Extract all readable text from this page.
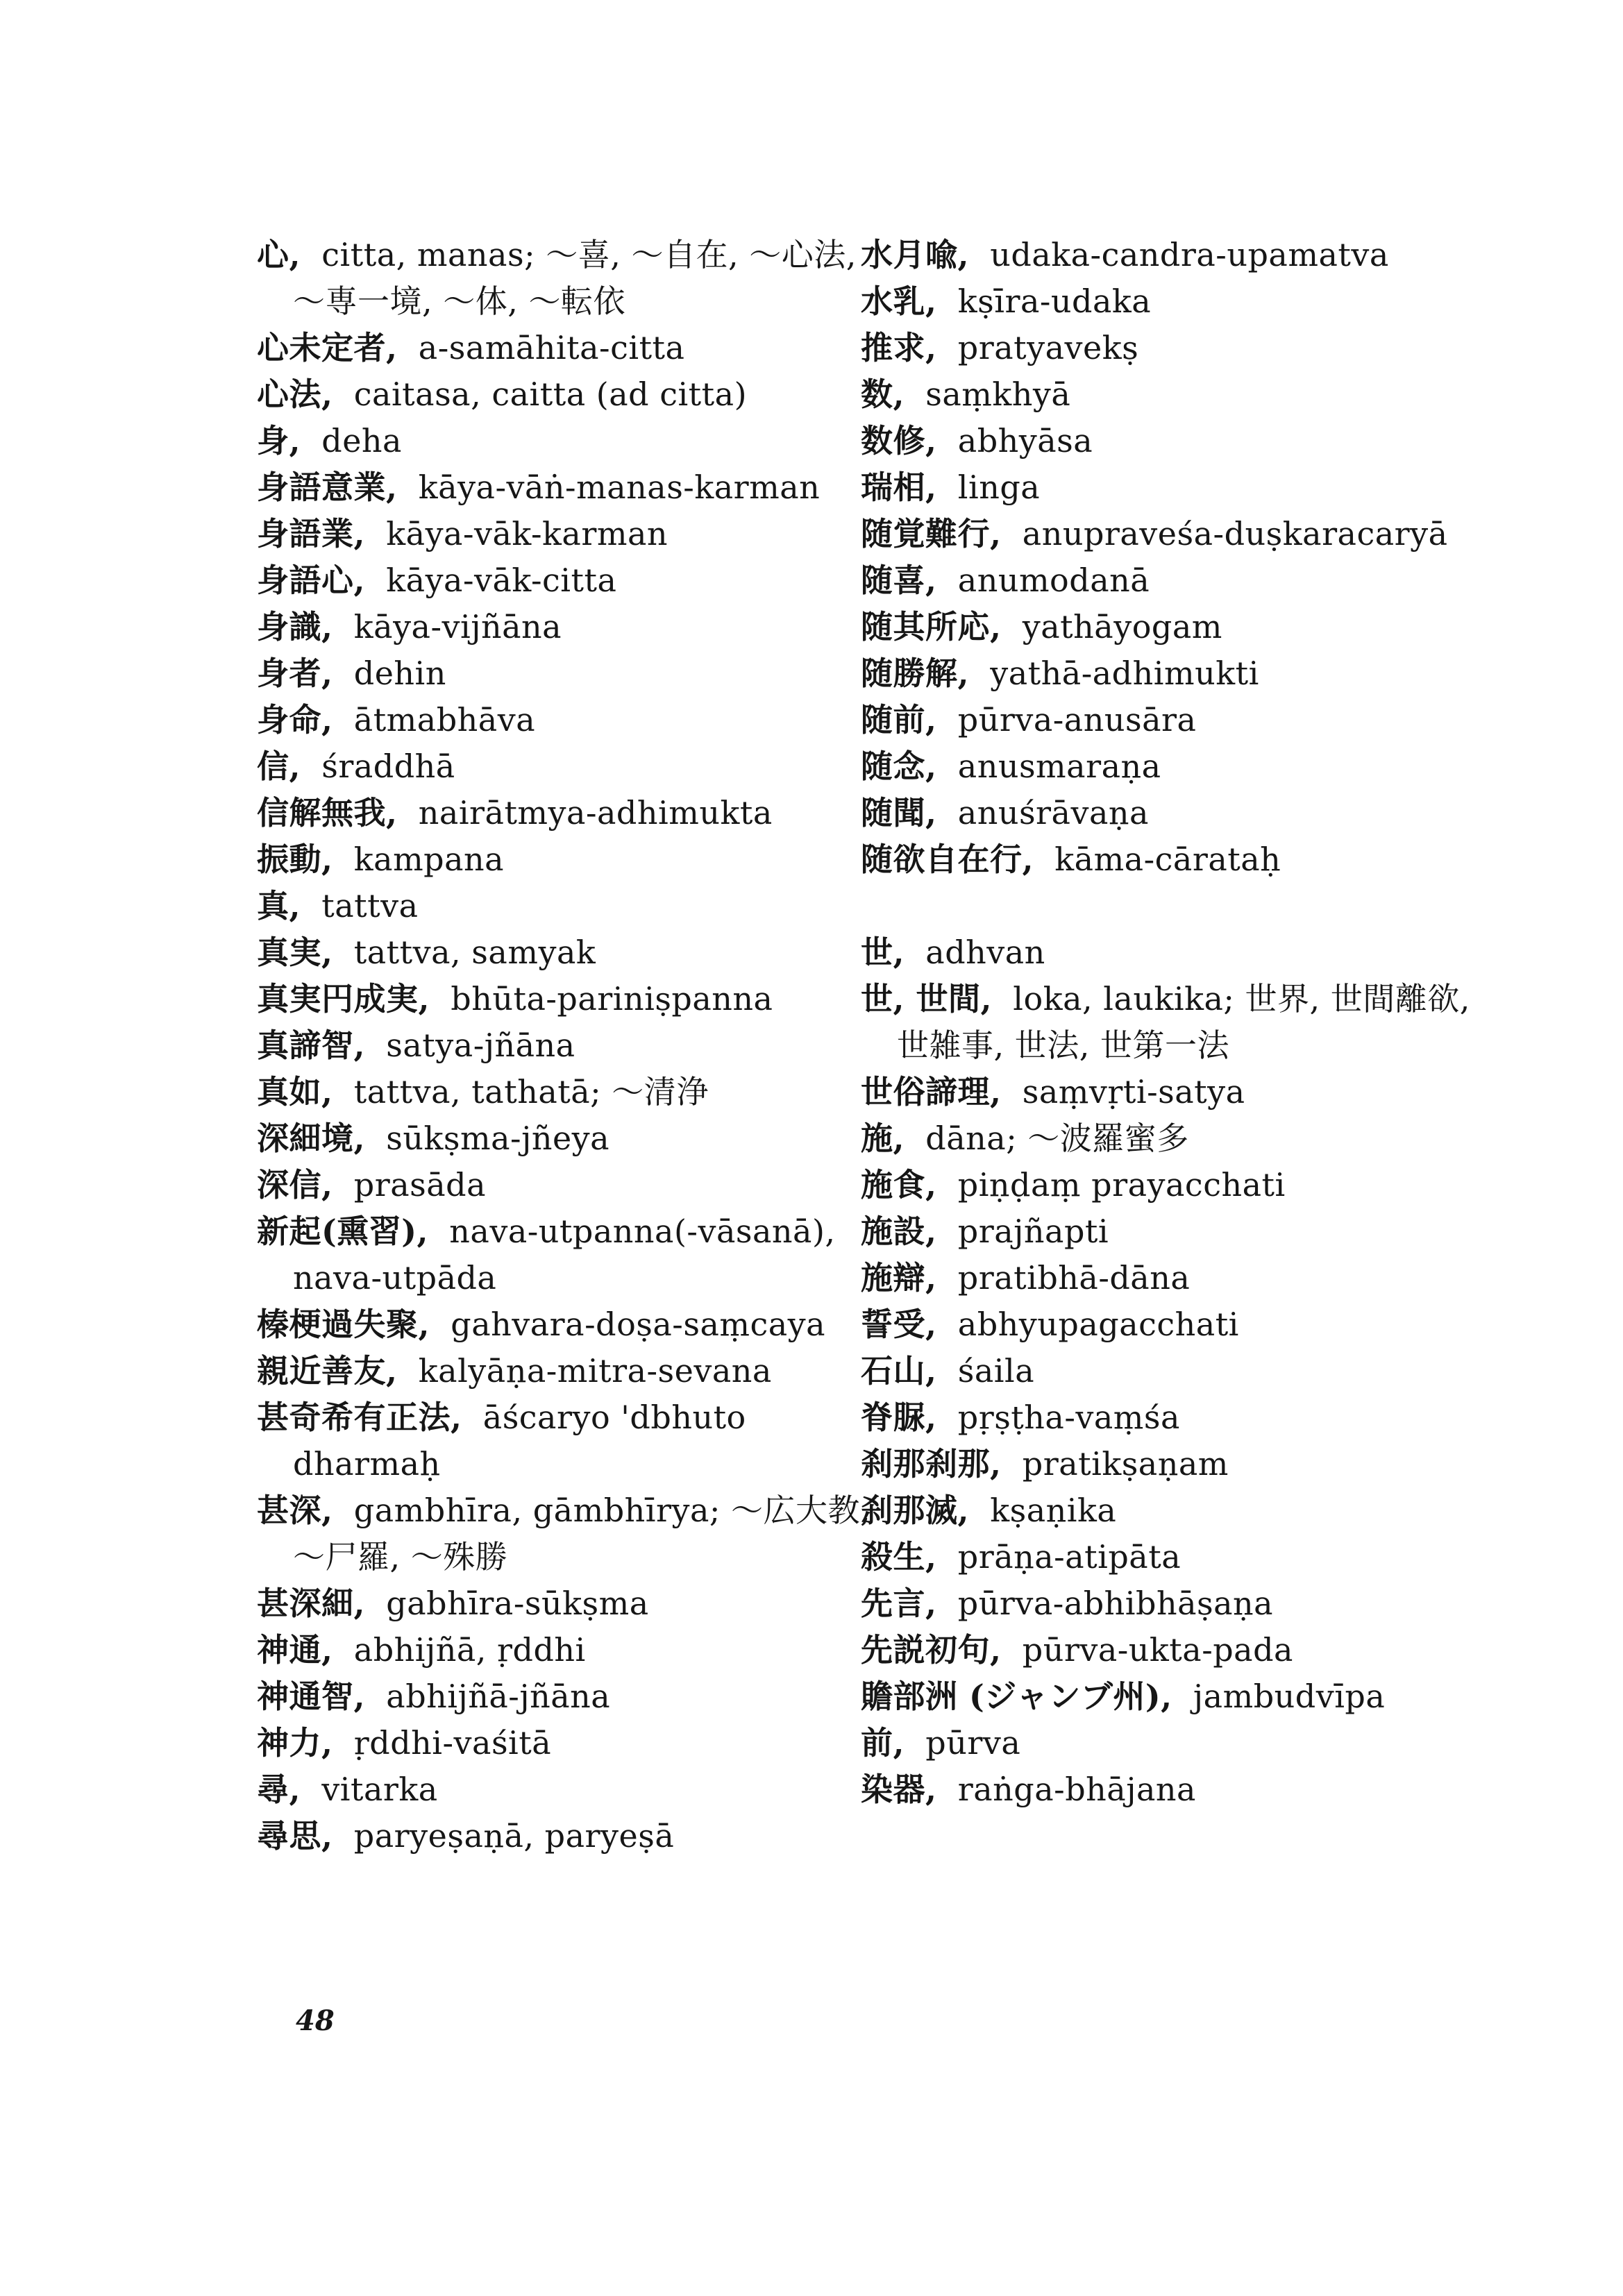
心, citta, manas; ～喜, ～自在, ～心法, ～専一境, ～体, ～転依

心未定者, a-samāhita-citta

心法, caitasa, caitta (ad citta)

身, deha

身語意業, kāya-vāṅ-manas-karman

身語業, kāya-vāk-karman

身語心, kāya-vāk-citta

身識, kāya-vijñāna

身者, dehin

身命, ātmabhāva

信, śraddhā

信解無我, nairātmya-adhimukta

振動, kampana

真, tattva

真実, tattva, samyak

真実円成実, bhūta-pariniṣpanna

真諦智, satya-jñāna

真如, tattva, tathatā; ～清浄

深細境, sūkṣma-jñeya

深信, prasāda

新起(熏習), nava-utpanna(-vāsanā), nava-utpāda

榛梗過失聚, gahvara-doṣa-saṃcaya

親近善友, kalyāṇa-mitra-sevana

甚奇希有正法, āścaryo 'dbhuto dharmaḥ

甚深, gambhīra, gāmbhīrya; ～広大教, ～尸羅, ～殊勝

甚深細, gabhīra-sūkṣma

神通, abhijñā, ṛddhi

神通智, abhijñā-jñāna

神力, ṛddhi-vaśitā

尋, vitarka

尋思, paryeṣaṇā, paryeṣā

水月喩, udaka-candra-upamatva

水乳, kṣīra-udaka

推求, pratyavekṣ

数, saṃkhyā

数修, abhyāsa

瑞相, linga

随覚難行, anupraveśa-duṣkaracaryā

随喜, anumodanā

随其所応, yathāyogam

随勝解, yathā-adhimukti

随前, pūrva-anusāra

随念, anusmaraṇa

随聞, anuśrāvaṇa

随欲自在行, kāma-cārataḥ

世, adhvan

世, 世間, loka, laukika; 世界, 世間離欲, 世雑事, 世法, 世第一法

世俗諦理, saṃvṛti-satya

施, dāna; ～波羅蜜多

施食, piṇḍaṃ prayacchati

施設, prajñapti

施辯, pratibhā-dāna

誓受, abhyupagacchati

石山, śaila

脊脲, pṛṣṭha-vaṃśa

刹那刹那, pratikṣaṇam

刹那滅, kṣaṇika

殺生, prāṇa-atipāta

先言, pūrva-abhibhāṣaṇa

先説初句, pūrva-ukta-pada

贍部洲 (ジャンブ州), jambudvīpa

前, pūrva

染器, raṅga-bhājana

48
